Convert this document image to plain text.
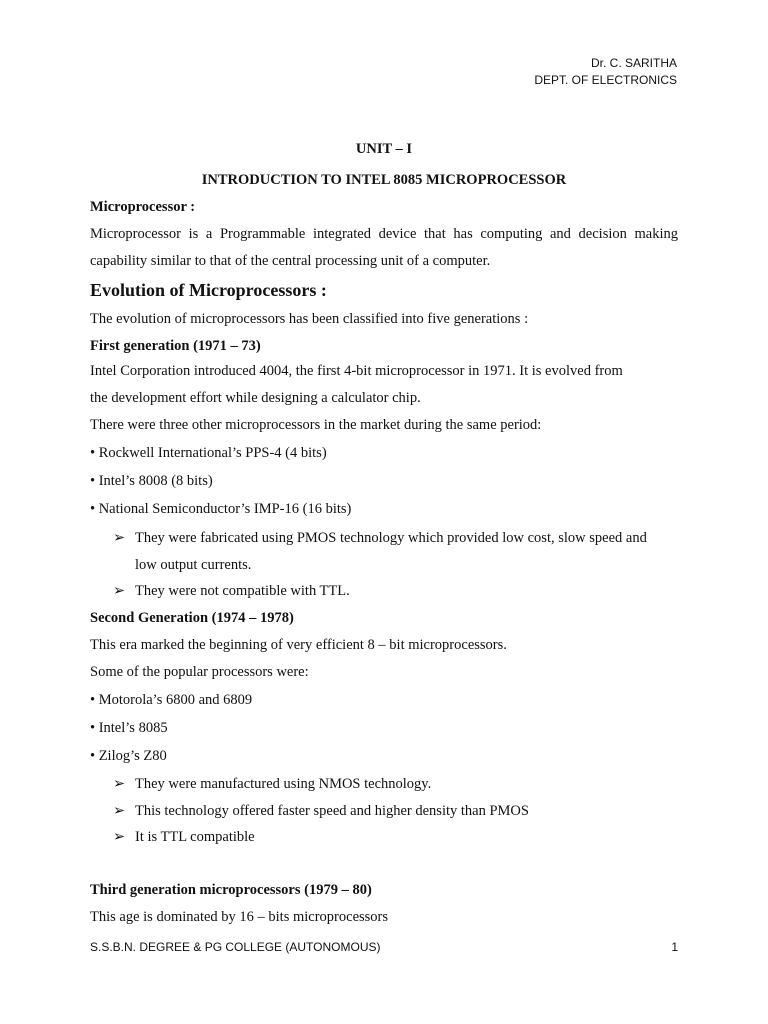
Dr. C. SARITHA
DEPT. OF ELECTRONICS
UNIT – I
INTRODUCTION TO INTEL 8085 MICROPROCESSOR
Microprocessor :
Microprocessor is a Programmable integrated device that has computing and decision making
capability similar to that of the central processing unit of a computer.
Evolution of Microprocessors :
The evolution of microprocessors has been classified into five generations :
First generation (1971 – 73)
Intel Corporation introduced 4004, the first 4-bit microprocessor in 1971. It is evolved from
the development effort while designing a calculator chip.
There were three other microprocessors in the market during the same period:
• Rockwell International’s PPS-4 (4 bits)
• Intel’s 8008 (8 bits)
• National Semiconductor’s IMP-16 (16 bits)
➢ They were fabricated using PMOS technology which provided low cost, slow speed and
low output currents.
➢ They were not compatible with TTL.
Second Generation (1974 – 1978)
This era marked the beginning of very efficient 8 – bit microprocessors.
Some of the popular processors were:
• Motorola’s 6800 and 6809
• Intel’s 8085
• Zilog’s Z80
➢ They were manufactured using NMOS technology.
➢ This technology offered faster speed and higher density than PMOS
➢ It is TTL compatible
Third generation microprocessors (1979 – 80)
This age is dominated by 16 – bits microprocessors
S.S.B.N. DEGREE & PG COLLEGE (AUTONOMOUS)	1
